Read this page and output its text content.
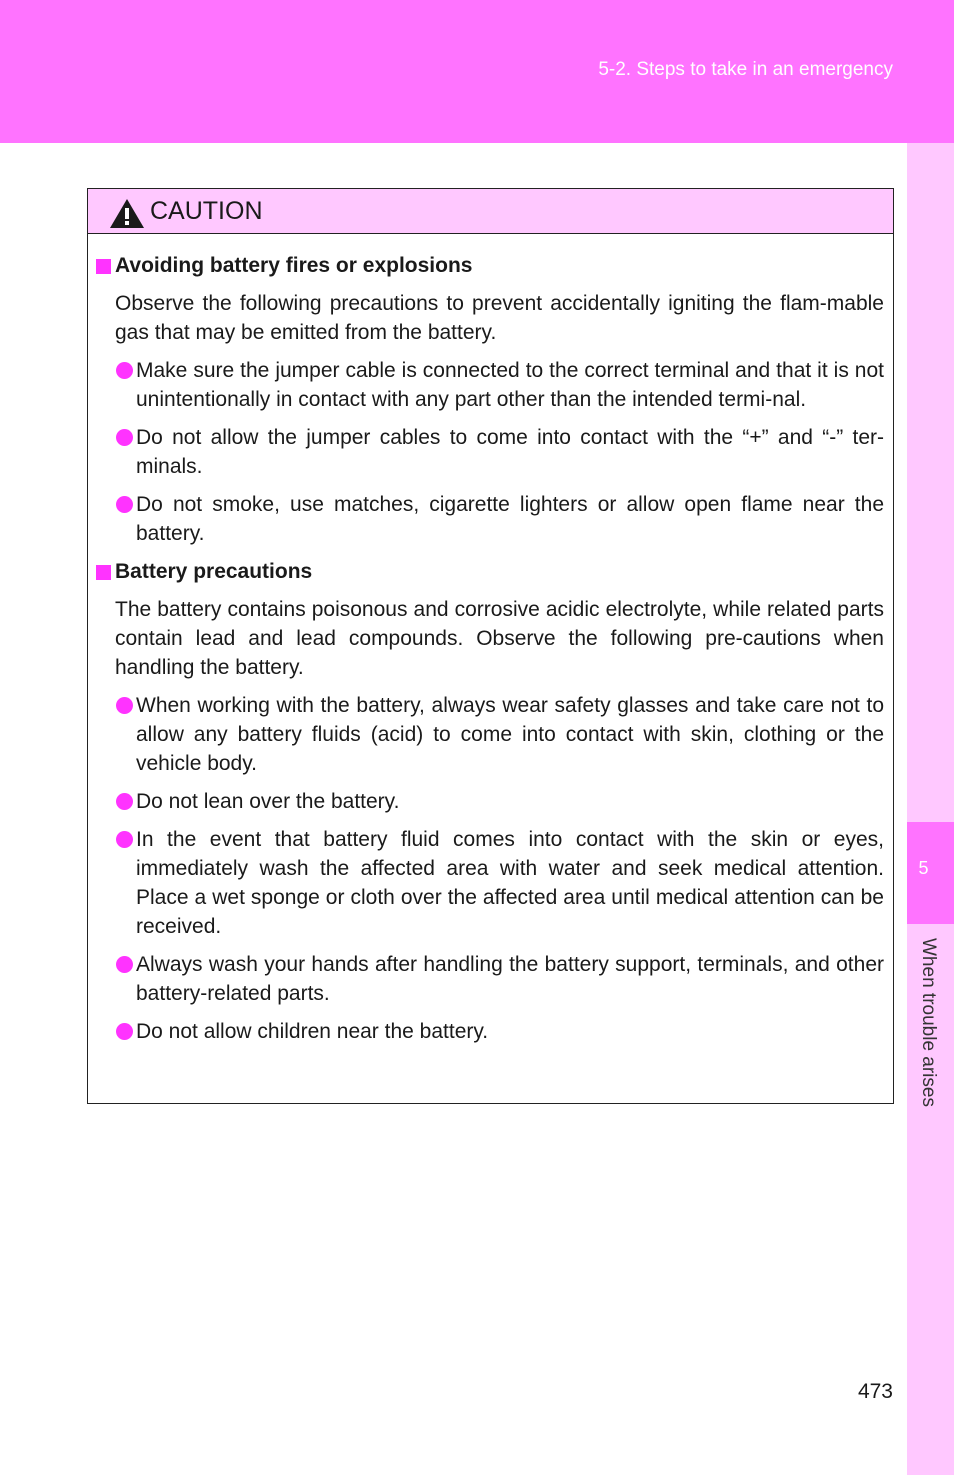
5-2. Steps to take in an emergency
5
When trouble arises
CAUTION
Avoiding battery fires or explosions

Observe the following precautions to prevent accidentally igniting the flam-mable gas that may be emitted from the battery.

Make sure the jumper cable is connected to the correct terminal and that it is not unintentionally in contact with any part other than the intended termi-nal.
Do not allow the jumper cables to come into contact with the “+” and “-” ter-minals.
Do not smoke, use matches, cigarette lighters or allow open flame near the battery.
Battery precautions

The battery contains poisonous and corrosive acidic electrolyte, while related parts contain lead and lead compounds. Observe the following pre-cautions when handling the battery.

When working with the battery, always wear safety glasses and take care not to allow any battery fluids (acid) to come into contact with skin, clothing or the vehicle body.
Do not lean over the battery.
In the event that battery fluid comes into contact with the skin or eyes, immediately wash the affected area with water and seek medical attention. Place a wet sponge or cloth over the affected area until medical attention can be received.
Always wash your hands after handling the battery support, terminals, and other battery-related parts.
Do not allow children near the battery.
473
